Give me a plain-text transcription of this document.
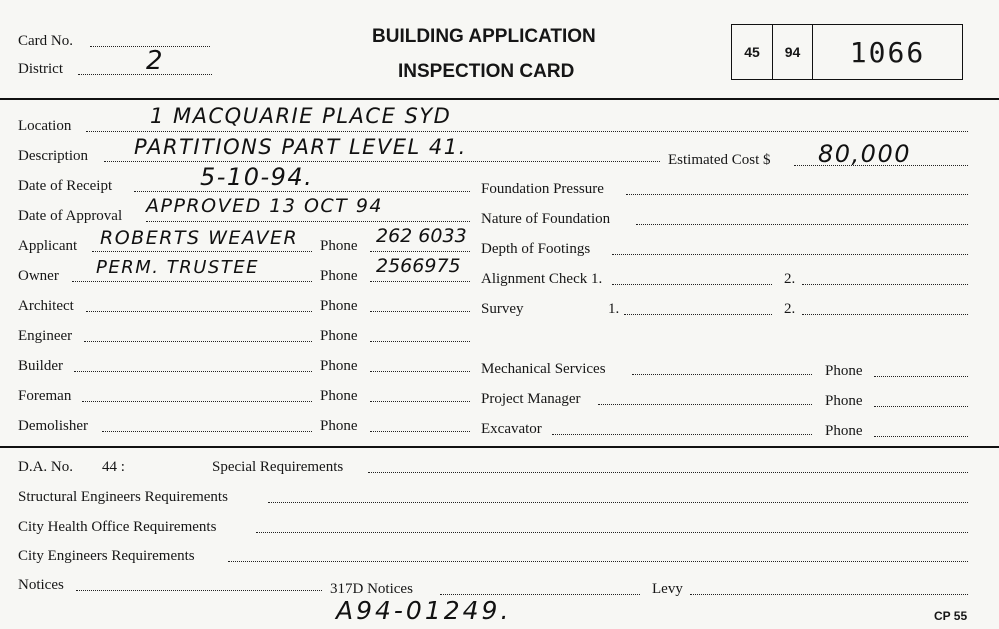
Card No.
District	2
BUILDING APPLICATION
INSPECTION CARD
45	94	1066
Location	1 MACQUARIE PLACE SYD
Description PARTITIONS PART LEVEL 41.
Estimated Cost $ 80,000
Date of Receipt	5-10-94.
Date of Approval APPROVED 13 OCT 94
Applicant ROBERTS WEAVER Phone 262 6033
Owner PERM. TRUSTEE	Phone 2566975
Architect	Phone
Engineer	Phone
Builder	Phone
Foreman	Phone
Demolisher	Phone
Foundation Pressure
Nature of Foundation
Depth of Footings
Alignment Check 1.	2.
Survey	1.	2.
Mechanical Services	Phone
Project Manager	Phone
Excavator	Phone
D.A. No. 44 :	Special Requirements
Structural Engineers Requirements
City Health Office Requirements
City Engineers Requirements
Notices	317D Notices	Levy
A94-01249.	CP 55
